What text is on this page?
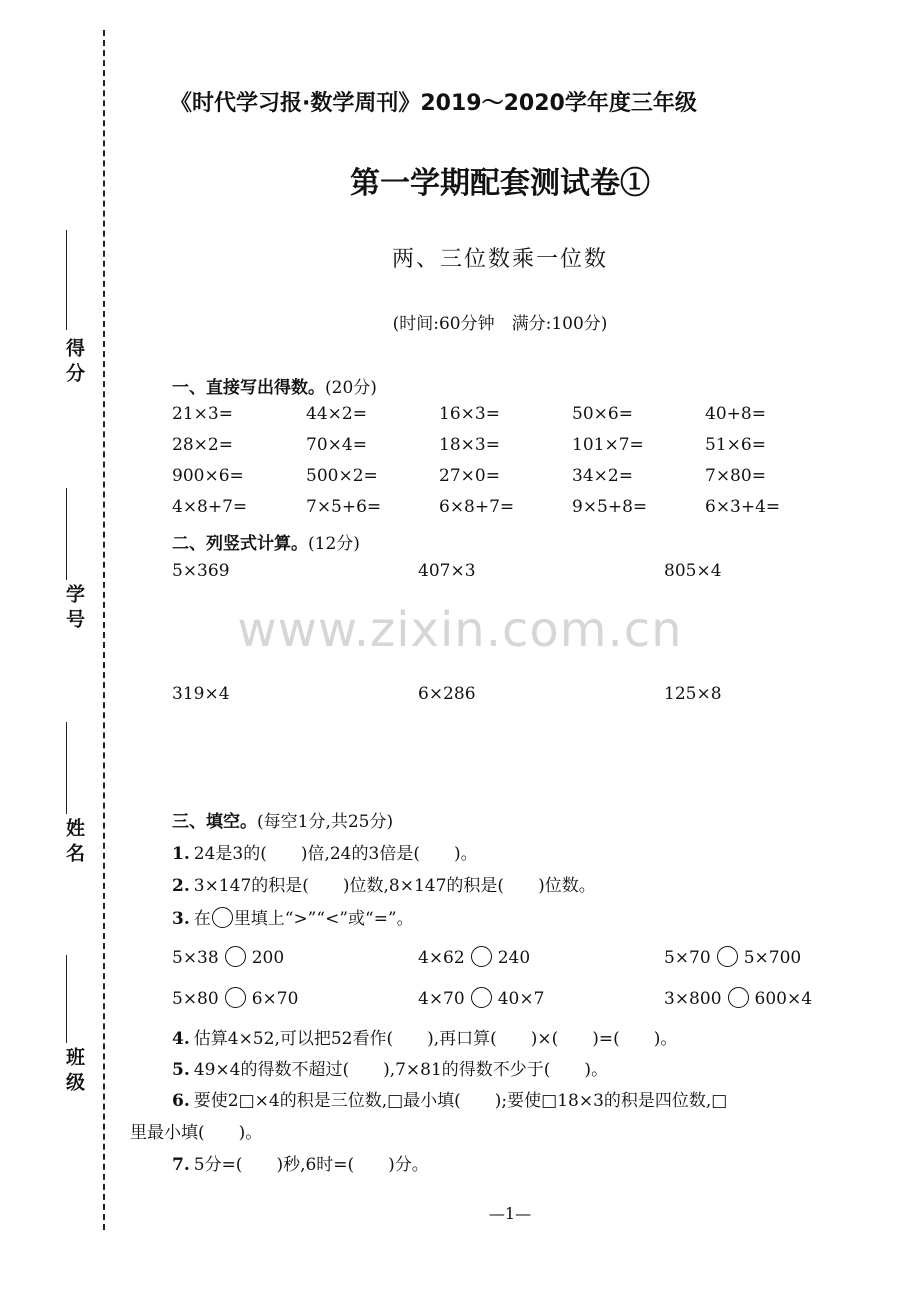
得分
学号
姓名
班级
《时代学习报·数学周刊》2019～2020学年度三年级
第一学期配套测试卷①
两、三位数乘一位数
(时间:60分钟　满分:100分)
www.zixin.com.cn
一、直接写出得数。(20分)
21×3=	44×2=	16×3=	50×6=	40+8=
28×2=	70×4=	18×3=	101×7=	51×6=
900×6=	500×2=	27×0=	34×2=	7×80=
4×8+7=	7×5+6=	6×8+7=	9×5+8=	6×3+4=
二、列竖式计算。(12分)
5×369	407×3	805×4
319×4	6×286	125×8
三、填空。(每空1分,共25分)
1. 24是3的(　　)倍,24的3倍是(　　)。
2. 3×147的积是(　　)位数,8×147的积是(　　)位数。
3. 在 里填上“>”“<”或“=”。
5×38 200	4×62 240	5×70 5×700
5×80 6×70	4×70 40×7	3×800 600×4
4. 估算4×52,可以把52看作(　　),再口算(　　)×(　　)=(　　)。
5. 49×4的得数不超过(　　),7×81的得数不少于(　　)。
6. 要使2□×4的积是三位数,□最小填(　　);要使□18×3的积是四位数,□
里最小填(　　)。
7. 5分=(　　)秒,6时=(　　)分。
—1—
